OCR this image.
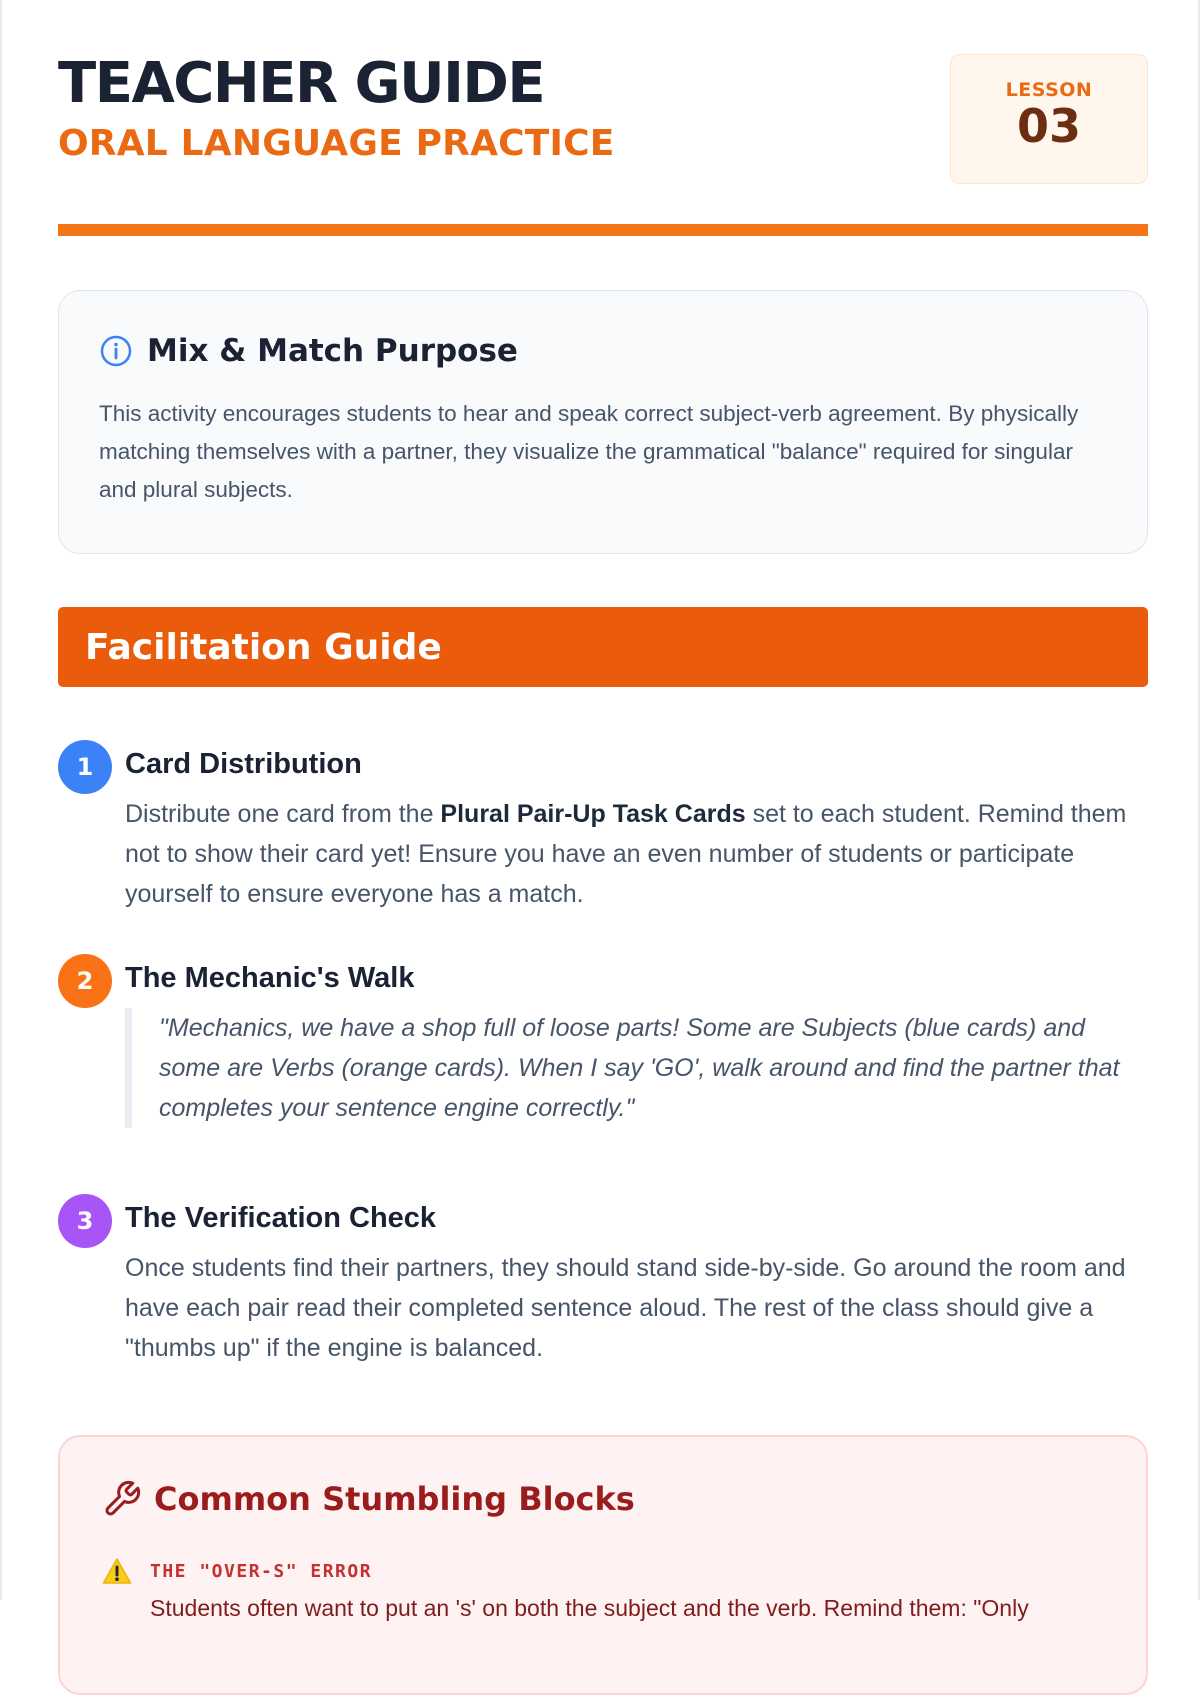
TEACHER GUIDE
ORAL LANGUAGE PRACTICE
LESSON
03
Mix & Match Purpose

This activity encourages students to hear and speak correct subject-verb agreement. By physically matching themselves with a partner, they visualize the grammatical "balance" required for singular and plural subjects.

Facilitation Guide
1	Card Distribution

Distribute one card from the Plural Pair-Up Task Cards set to each student. Remind them not to show their card yet! Ensure you have an even number of students or participate yourself to ensure everyone has a match.

2	The Mechanic's Walk

"Mechanics, we have a shop full of loose parts! Some are Subjects (blue cards) and some are Verbs (orange cards). When I say 'GO', walk around and find the partner that completes your sentence engine correctly."

3	The Verification Check

Once students find their partners, they should stand side-by-side. Go around the room and have each pair read their completed sentence aloud. The rest of the class should give a "thumbs up" if the engine is balanced.

Common Stumbling Blocks
THE "OVER-S" ERROR

Students often want to put an 's' on both the subject and the verb. Remind them: "Only
